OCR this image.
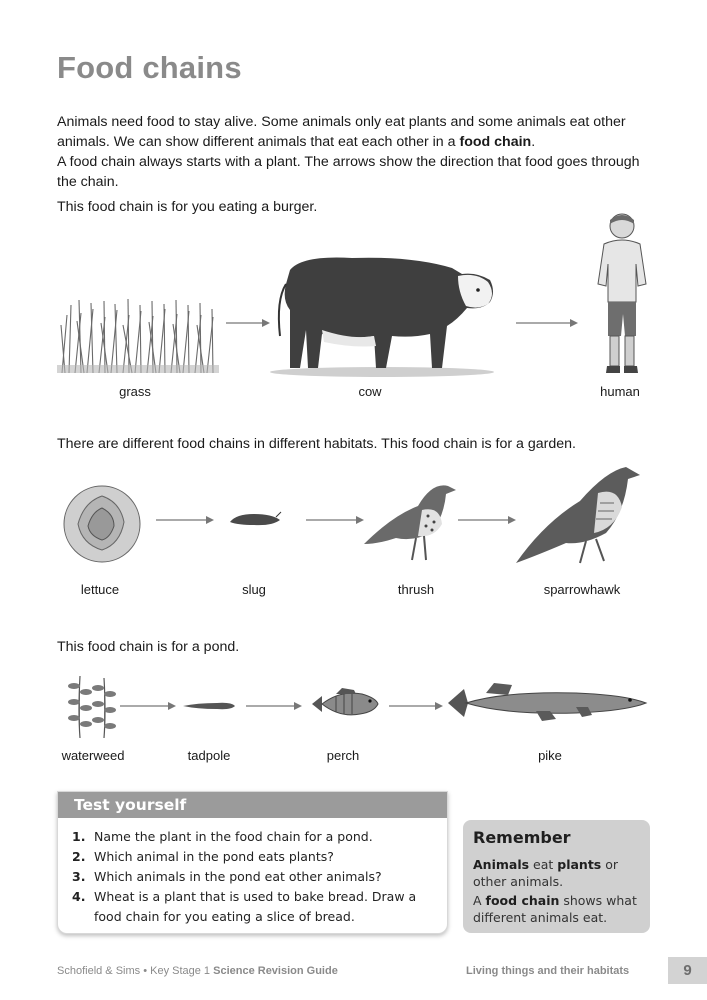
Food chains

Animals need food to stay alive. Some animals only eat plants and some animals eat other animals. We can show different animals that eat each other in a food chain.

A food chain always starts with a plant. The arrows show the direction that food goes through the chain.

This food chain is for you eating a burger.
grass	cow	human
There are different food chains in different habitats. This food chain is for a garden.
lettuce	slug	thrush	sparrowhawk
This food chain is for a pond.
waterweed	tadpole	perch	pike
Test yourself
1. Name the plant in the food chain for a pond.
2. Which animal in the pond eats plants?
3. Which animals in the pond eat other animals?
4. Wheat is a plant that is used to bake bread. Draw a food chain for you eating a slice of bread.
Remember

Animals eat plants or other animals.

A food chain shows what different animals eat.

Schofield & Sims • Key Stage 1 Science Revision Guide	Living things and their habitats	9
